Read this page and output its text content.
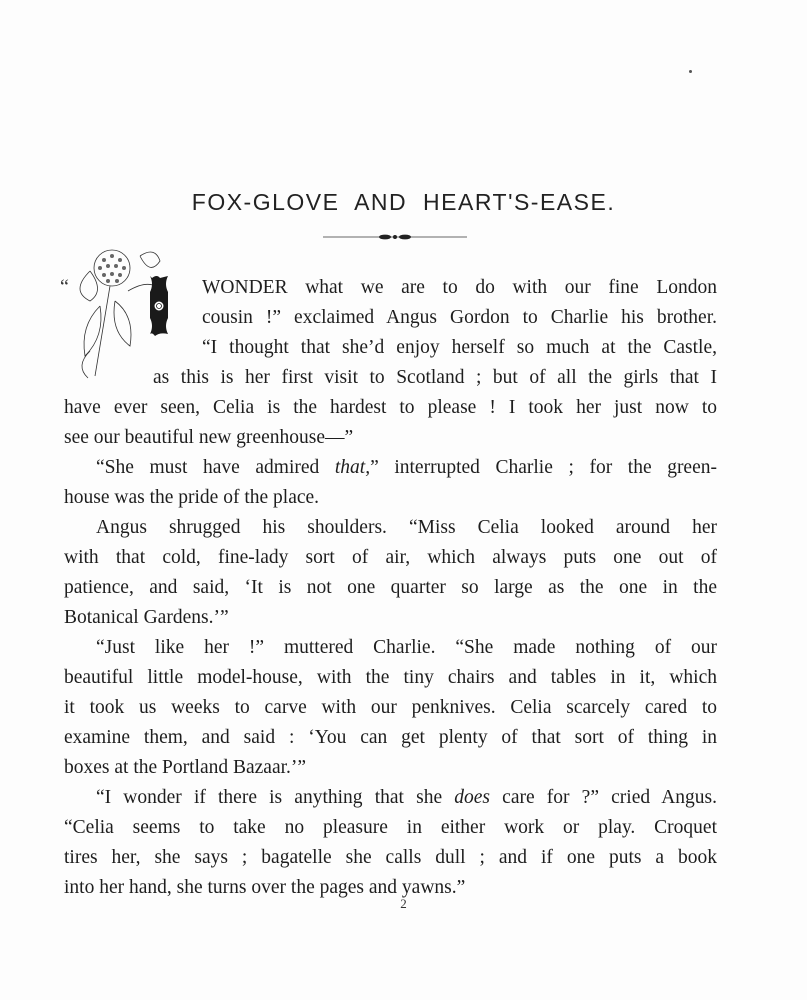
FOX-GLOVE AND HEART'S-EASE.
“	WONDER what we are to do with our fine London
cousin !” exclaimed Angus Gordon to Charlie his brother.
“I thought that she’d enjoy herself so much at the Castle,
as this is her first visit to Scotland ; but of all the girls that I
have ever seen, Celia is the hardest to please ! I took her just now to
see our beautiful new greenhouse—”
“She must have admired that,” interrupted Charlie ; for the green-
house was the pride of the place.
Angus shrugged his shoulders. “Miss Celia looked around her
with that cold, fine-lady sort of air, which always puts one out of
patience, and said, ‘It is not one quarter so large as the one in the
Botanical Gardens.’”
“Just like her !” muttered Charlie. “She made nothing of our
beautiful little model-house, with the tiny chairs and tables in it, which
it took us weeks to carve with our penknives. Celia scarcely cared to
examine them, and said : ‘You can get plenty of that sort of thing in
boxes at the Portland Bazaar.’”
“I wonder if there is anything that she does care for ?” cried Angus.
“Celia seems to take no pleasure in either work or play. Croquet
tires her, she says ; bagatelle she calls dull ; and if one puts a book
into her hand, she turns over the pages and yawns.”
2
